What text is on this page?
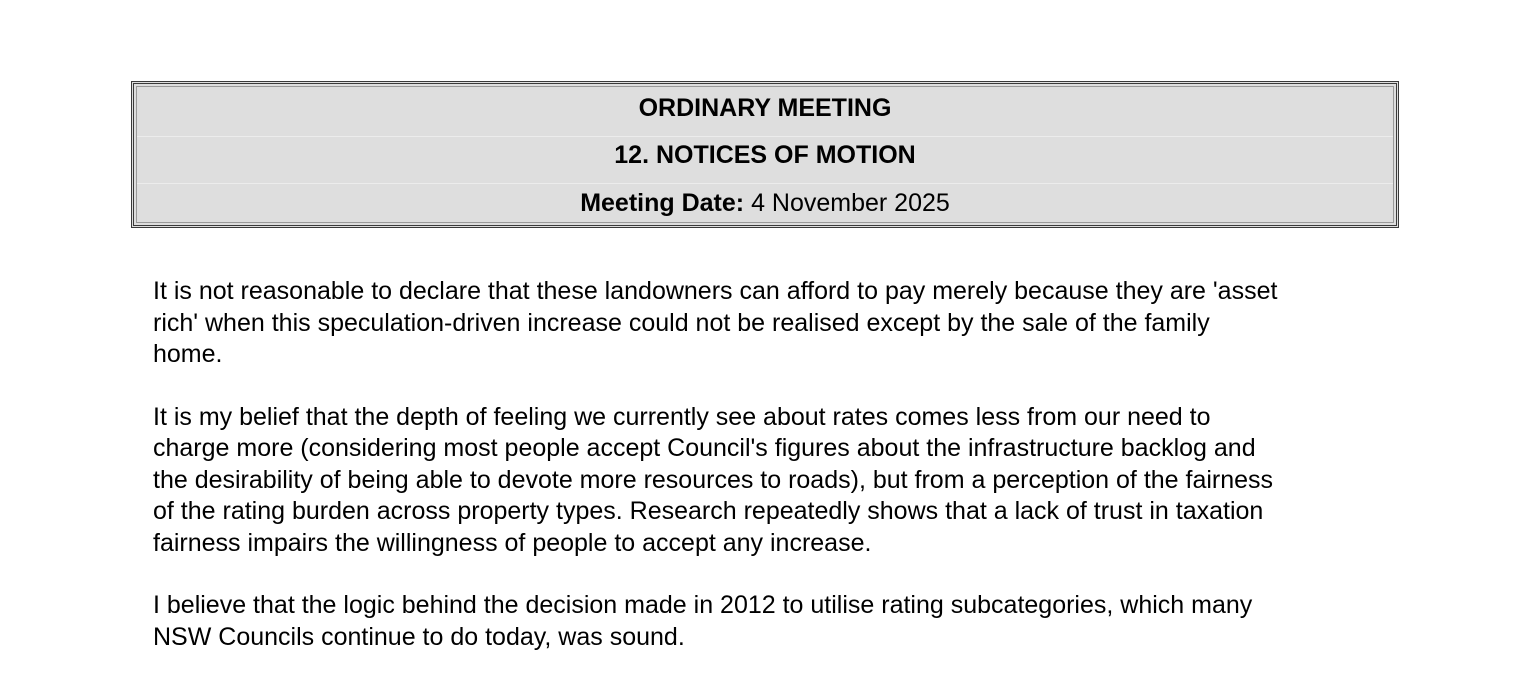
ORDINARY MEETING
12. NOTICES OF MOTION
Meeting Date: 4 November 2025

It is not reasonable to declare that these landowners can afford to pay merely because they are 'asset
rich' when this speculation-driven increase could not be realised except by the sale of the family
home.

It is my belief that the depth of feeling we currently see about rates comes less from our need to
charge more (considering most people accept Council's figures about the infrastructure backlog and
the desirability of being able to devote more resources to roads), but from a perception of the fairness
of the rating burden across property types. Research repeatedly shows that a lack of trust in taxation
fairness impairs the willingness of people to accept any increase.

I believe that the logic behind the decision made in 2012 to utilise rating subcategories, which many
NSW Councils continue to do today, was sound.
